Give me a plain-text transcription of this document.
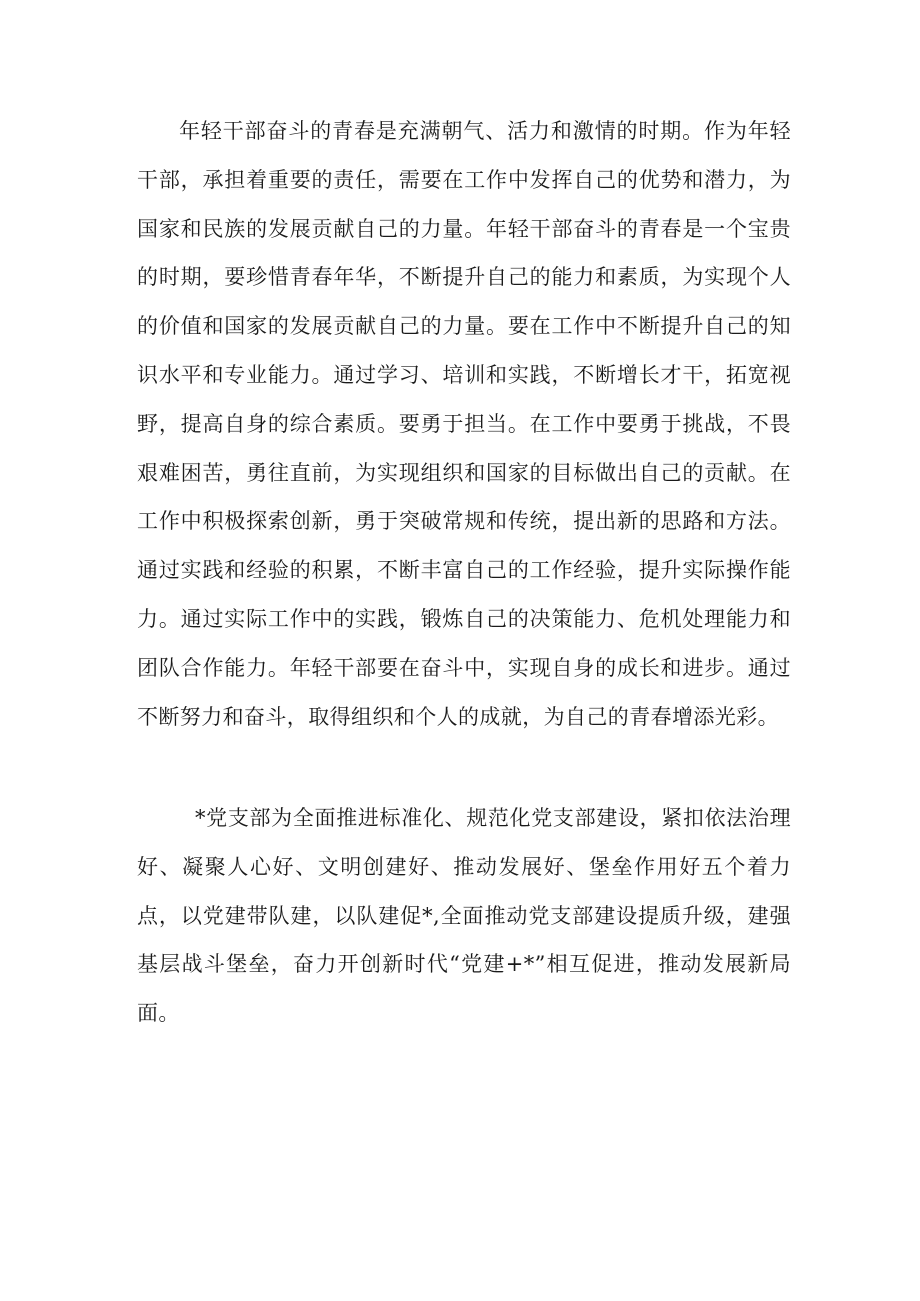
年轻干部奋斗的青春是充满朝气、活力和激情的时期。作为年轻干部，承担着重要的责任，需要在工作中发挥自己的优势和潜力，为国家和民族的发展贡献自己的力量。年轻干部奋斗的青春是一个宝贵的时期，要珍惜青春年华，不断提升自己的能力和素质，为实现个人的价值和国家的发展贡献自己的力量。要在工作中不断提升自己的知识水平和专业能力。通过学习、培训和实践，不断增长才干，拓宽视野，提高自身的综合素质。要勇于担当。在工作中要勇于挑战，不畏艰难困苦，勇往直前，为实现组织和国家的目标做出自己的贡献。在工作中积极探索创新，勇于突破常规和传统，提出新的思路和方法。通过实践和经验的积累，不断丰富自己的工作经验，提升实际操作能力。通过实际工作中的实践，锻炼自己的决策能力、危机处理能力和团队合作能力。年轻干部要在奋斗中，实现自身的成长和进步。通过不断努力和奋斗，取得组织和个人的成就，为自己的青春增添光彩。

*党支部为全面推进标准化、规范化党支部建设，紧扣依法治理好、凝聚人心好、文明创建好、推动发展好、堡垒作用好五个着力点，以党建带队建，以队建促*,全面推动党支部建设提质升级，建强基层战斗堡垒，奋力开创新时代“党建+*”相互促进，推动发展新局面。
